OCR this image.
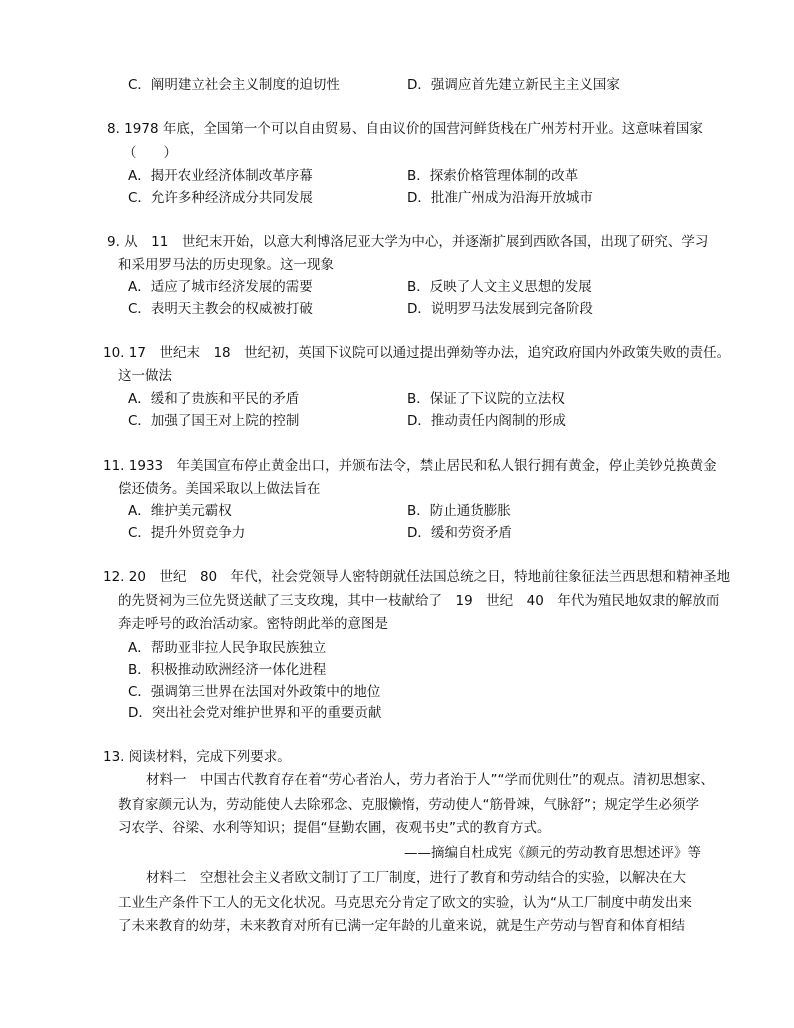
C．阐明建立社会主义制度的迫切性	D．强调应首先建立新民主主义国家
8. 1978 年底，全国第一个可以自由贸易、自由议价的国营河鲜货栈在广州芳村开业。这意味着国家
（　　）
A．揭开农业经济体制改革序幕	B．探索价格管理体制的改革
C．允许多种经济成分共同发展	D．批准广州成为沿海开放城市
9. 从　11　世纪末开始，以意大利博洛尼亚大学为中心，并逐渐扩展到西欧各国，出现了研究、学习
和采用罗马法的历史现象。这一现象
A．适应了城市经济发展的需要	B．反映了人文主义思想的发展
C．表明天主教会的权威被打破	D．说明罗马法发展到完备阶段
10. 17　世纪末　18　世纪初，英国下议院可以通过提出弹劾等办法，追究政府国内外政策失败的责任。
这一做法
A．缓和了贵族和平民的矛盾	B．保证了下议院的立法权
C．加强了国王对上院的控制	D．推动责任内阁制的形成
11. 1933　年美国宣布停止黄金出口，并颁布法令，禁止居民和私人银行拥有黄金，停止美钞兑换黄金
偿还债务。美国采取以上做法旨在
A．维护美元霸权	B．防止通货膨胀
C．提升外贸竞争力	D．缓和劳资矛盾
12. 20　世纪　80　年代，社会党领导人密特朗就任法国总统之日，特地前往象征法兰西思想和精神圣地
的先贤祠为三位先贤送献了三支玫瑰，其中一枝献给了　19　世纪　40　年代为殖民地奴隶的解放而
奔走呼号的政治活动家。密特朗此举的意图是
A．帮助亚非拉人民争取民族独立
B．积极推动欧洲经济一体化进程
C．强调第三世界在法国对外政策中的地位
D．突出社会党对维护世界和平的重要贡献
13. 阅读材料，完成下列要求。
材料一　中国古代教育存在着“劳心者治人，劳力者治于人”“学而优则仕”的观点。清初思想家、
教育家颜元认为，劳动能使人去除邪念、克服懒惰，劳动使人“筋骨竦，气脉舒”；规定学生必须学
习农学、谷梁、水利等知识；提倡“昼勤农圃，夜观书史”式的教育方式。
——摘编自杜成宪《颜元的劳动教育思想述评》等
材料二　空想社会主义者欧文制订了工厂制度，进行了教育和劳动结合的实验，以解决在大
工业生产条件下工人的无文化状况。马克思充分肯定了欧文的实验，认为“从工厂制度中萌发出来
了未来教育的幼芽，未来教育对所有已满一定年龄的儿童来说，就是生产劳动与智育和体育相结
